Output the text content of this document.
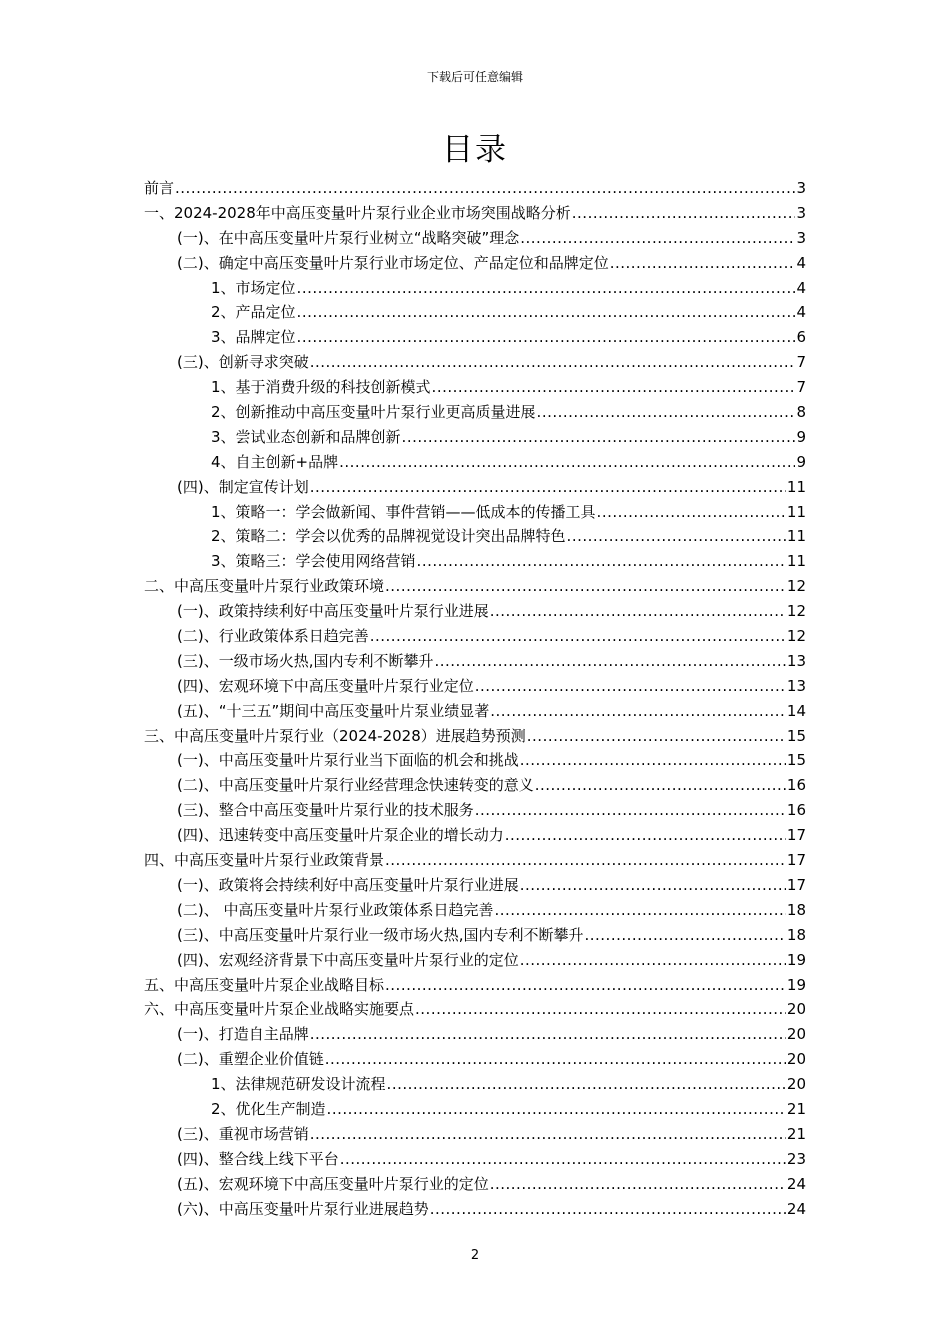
下载后可任意编辑
目录
前言 .....	3
一、2024-2028年中高压变量叶片泵行业企业市场突围战略分析 .....	3
(一)、在中高压变量叶片泵行业树立“战略突破”理念 .....	3
(二)、确定中高压变量叶片泵行业市场定位、产品定位和品牌定位 .....	4
1、市场定位 .....	4
2、产品定位 .....	4
3、品牌定位 .....	6
(三)、创新寻求突破 .....	7
1、基于消费升级的科技创新模式 .....	7
2、创新推动中高压变量叶片泵行业更高质量进展 .....	8
3、尝试业态创新和品牌创新 .....	9
4、自主创新+品牌 .....	9
(四)、制定宣传计划 .....	11
1、策略一：学会做新闻、事件营销——低成本的传播工具 .....	11
2、策略二：学会以优秀的品牌视觉设计突出品牌特色 .....	11
3、策略三：学会使用网络营销 .....	11
二、中高压变量叶片泵行业政策环境 .....	12
(一)、政策持续利好中高压变量叶片泵行业进展 .....	12
(二)、行业政策体系日趋完善 .....	12
(三)、一级市场火热,国内专利不断攀升 .....	13
(四)、宏观环境下中高压变量叶片泵行业定位 .....	13
(五)、“十三五”期间中高压变量叶片泵业绩显著 .....	14
三、中高压变量叶片泵行业（2024-2028）进展趋势预测 .....	15
(一)、中高压变量叶片泵行业当下面临的机会和挑战 .....	15
(二)、中高压变量叶片泵行业经营理念快速转变的意义 .....	16
(三)、整合中高压变量叶片泵行业的技术服务 .....	16
(四)、迅速转变中高压变量叶片泵企业的增长动力 .....	17
四、中高压变量叶片泵行业政策背景 .....	17
(一)、政策将会持续利好中高压变量叶片泵行业进展 .....	17
(二)、 中高压变量叶片泵行业政策体系日趋完善 .....	18
(三)、中高压变量叶片泵行业一级市场火热,国内专利不断攀升 .....	18
(四)、宏观经济背景下中高压变量叶片泵行业的定位 .....	19
五、中高压变量叶片泵企业战略目标 .....	19
六、中高压变量叶片泵企业战略实施要点 .....	20
(一)、打造自主品牌 .....	20
(二)、重塑企业价值链 .....	20
1、法律规范研发设计流程 .....	20
2、优化生产制造 .....	21
(三)、重视市场营销 .....	21
(四)、整合线上线下平台 .....	23
(五)、宏观环境下中高压变量叶片泵行业的定位 .....	24
(六)、中高压变量叶片泵行业进展趋势 .....	24
2
